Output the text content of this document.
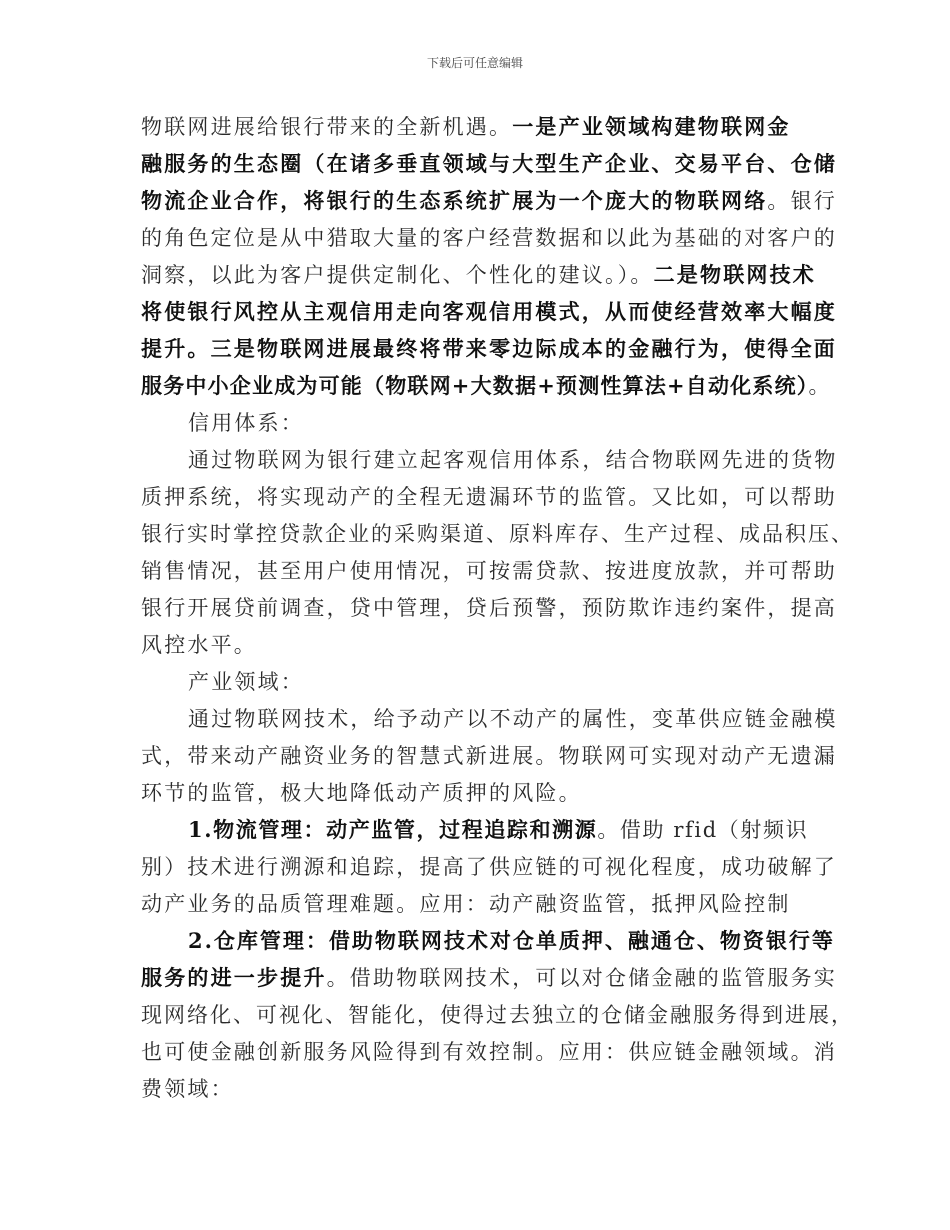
下载后可任意编辑
物联网进展给银行带来的全新机遇。一是产业领域构建物联网金
融服务的生态圈（在诸多垂直领域与大型生产企业、交易平台、仓储
物流企业合作，将银行的生态系统扩展为一个庞大的物联网络。银行
的角色定位是从中猎取大量的客户经营数据和以此为基础的对客户的
洞察，以此为客户提供定制化、个性化的建议。）。二是物联网技术
将使银行风控从主观信用走向客观信用模式，从而使经营效率大幅度
提升。三是物联网进展最终将带来零边际成本的金融行为，使得全面
服务中小企业成为可能（物联网+大数据+预测性算法+自动化系统）。
信用体系：
通过物联网为银行建立起客观信用体系，结合物联网先进的货物
质押系统，将实现动产的全程无遗漏环节的监管。又比如，可以帮助
银行实时掌控贷款企业的采购渠道、原料库存、生产过程、成品积压、
销售情况，甚至用户使用情况，可按需贷款、按进度放款，并可帮助
银行开展贷前调查，贷中管理，贷后预警，预防欺诈违约案件，提高
风控水平。
产业领域：
通过物联网技术，给予动产以不动产的属性，变革供应链金融模
式，带来动产融资业务的智慧式新进展。物联网可实现对动产无遗漏
环节的监管，极大地降低动产质押的风险。
1.物流管理：动产监管，过程追踪和溯源。借助 rfid（射频识
别）技术进行溯源和追踪，提高了供应链的可视化程度，成功破解了
动产业务的品质管理难题。应用：动产融资监管，抵押风险控制
2.仓库管理：借助物联网技术对仓单质押、融通仓、物资银行等
服务的进一步提升。借助物联网技术，可以对仓储金融的监管服务实
现网络化、可视化、智能化，使得过去独立的仓储金融服务得到进展，
也可使金融创新服务风险得到有效控制。应用：供应链金融领域。消
费领域：
